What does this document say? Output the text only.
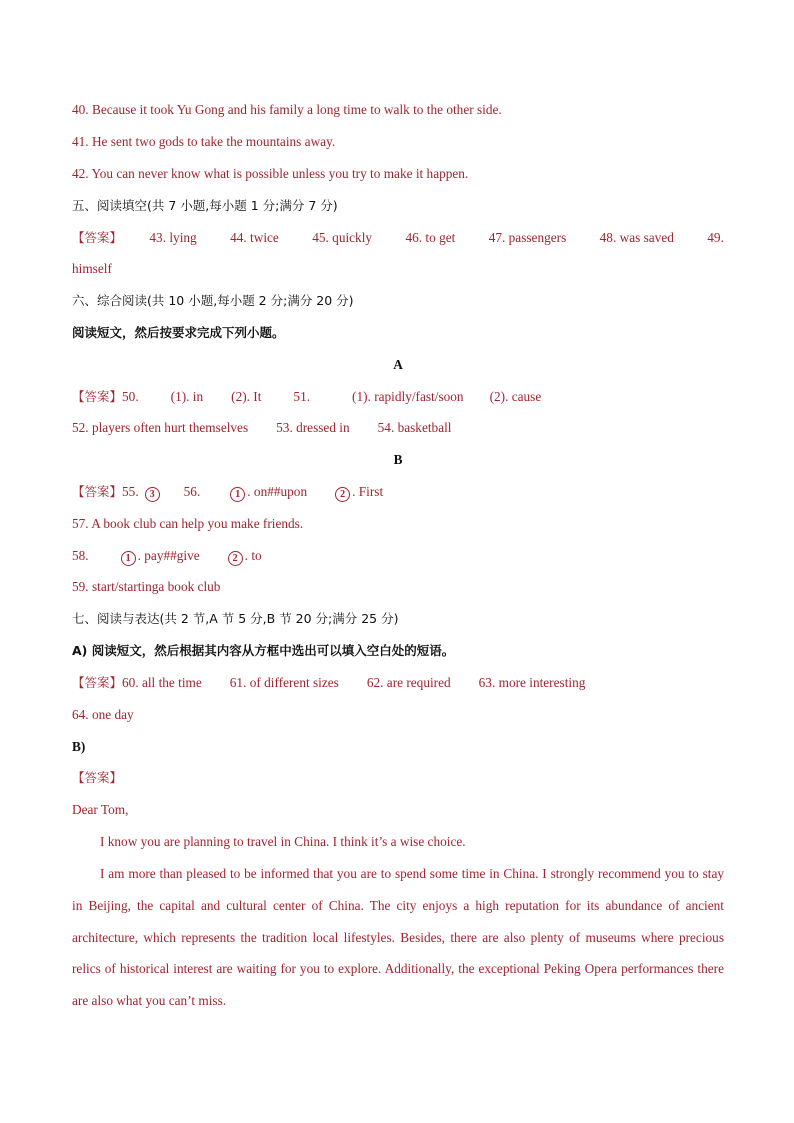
40. Because it took Yu Gong and his family a long time to walk to the other side.
41. He sent two gods to take the mountains away.
42. You can never know what is possible unless you try to make it happen.
五、阅读填空(共 7 小题,每小题 1 分;满分 7 分)
【答案】 43. lying	44. twice	45. quickly	46. to get	47. passengers	48. was saved	49.
himself
六、综合阅读(共 10 小题,每小题 2 分;满分 20 分)
阅读短文，然后按要求完成下列小题。
A
【答案】50. (1). in (2). It 51.	(1). rapidly/fast/soon (2). cause
52. players often hurt themselves 53. dressed in 54. basketball
B
【答案】55. 3 56.	1 . on##upon	2 . First
57. A book club can help you make friends.
58.	1 . pay##give	2 . to
59. start/startinga book club
七、阅读与表达(共 2 节,A 节 5 分,B 节 20 分;满分 25 分)
A) 阅读短文，然后根据其内容从方框中选出可以填入空白处的短语。
【答案】60. all the time 61. of different sizes 62. are required 63. more interesting
64. one day
B)
【答案】
Dear Tom,
I know you are planning to travel in China. I think it’s a wise choice.
I am more than pleased to be informed that you are to spend some time in China. I strongly recommend you to stay in Beijing, the capital and cultural center of China. The city enjoys a high reputation for its abundance of ancient architecture, which represents the tradition local lifestyles. Besides, there are also plenty of museums where precious relics of historical interest are waiting for you to explore. Additionally, the exceptional Peking Opera performances there are also what you can’t miss.
